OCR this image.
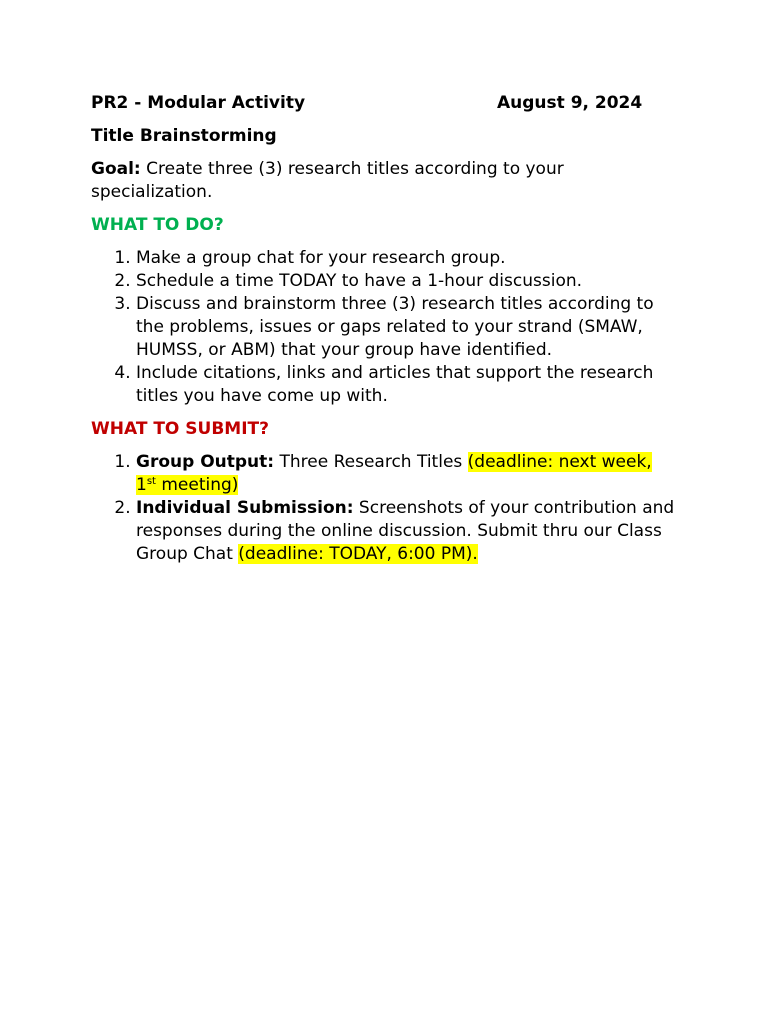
PR2 - Modular Activity	August 9, 2024
Title Brainstorming
Goal: Create three (3) research titles according to your specialization.
WHAT TO DO?
1. Make a group chat for your research group.
2. Schedule a time TODAY to have a 1-hour discussion.
3. Discuss and brainstorm three (3) research titles according to the problems, issues or gaps related to your strand (SMAW, HUMSS, or ABM) that your group have identified.
4. Include citations, links and articles that support the research titles you have come up with.
WHAT TO SUBMIT?
1. Group Output: Three Research Titles (deadline: next week,
1st meeting)
2. Individual Submission: Screenshots of your contribution and responses during the online discussion. Submit thru our Class Group Chat (deadline: TODAY, 6:00 PM).
